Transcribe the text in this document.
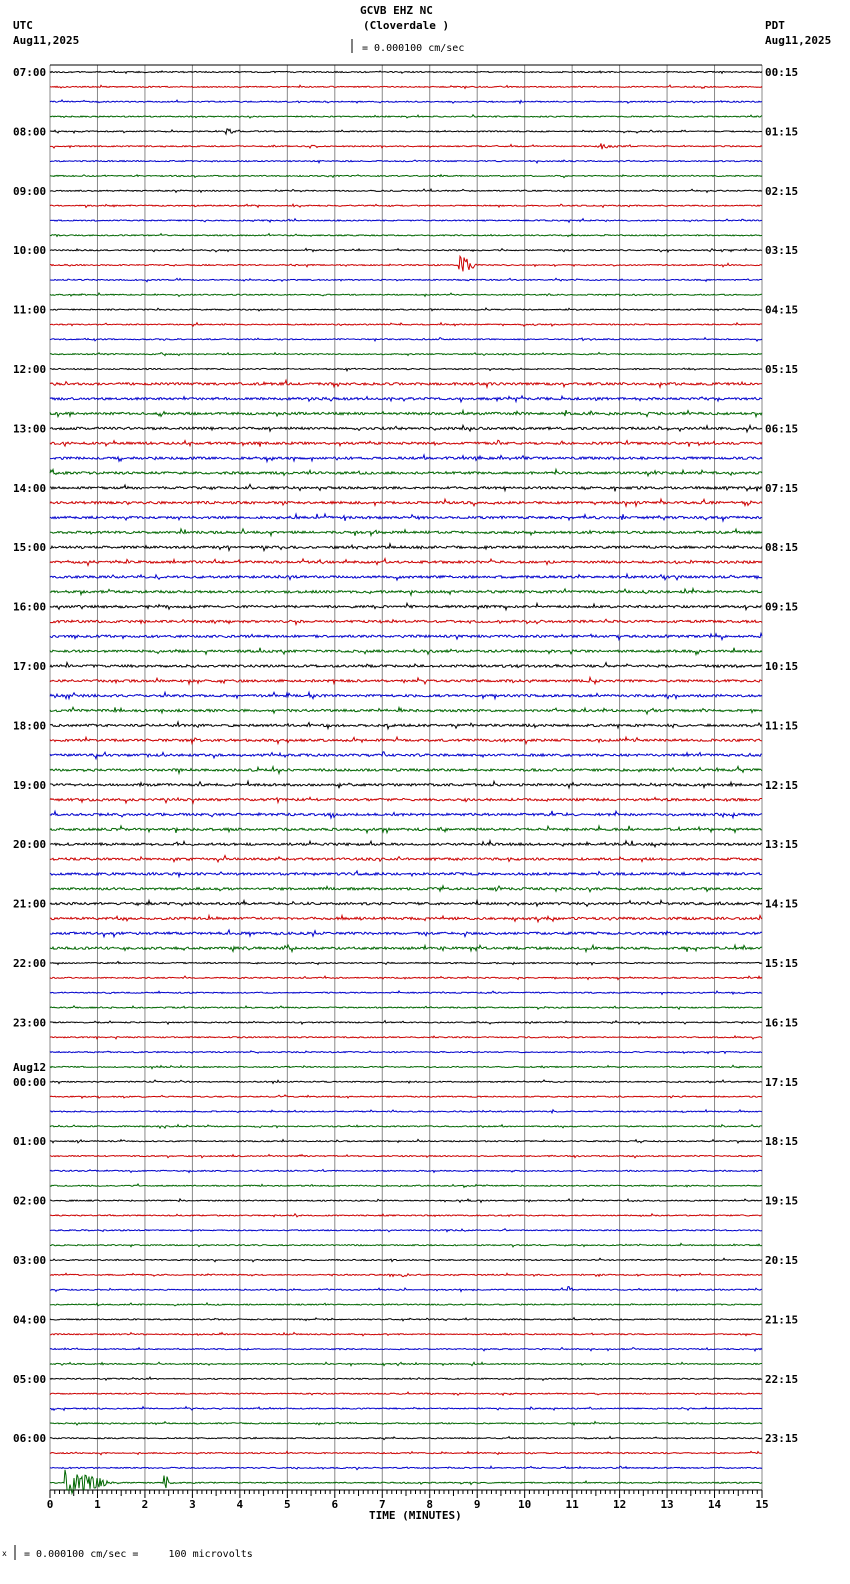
GCVB EHZ NC
(Cloverdale )
UTC
Aug11,2025
PDT
Aug11,2025
= 0.000100 cm/sec
x = 0.000100 cm/sec =     100 microvolts
TIME (MINUTES)
0	1	2	3	4	5	6	7	8	9	10	11	12	13	14	15
07:00
08:00
09:00
10:00
11:00
12:00
13:00
14:00
15:00
16:00
17:00
18:00
19:00
20:00
21:00
22:00
23:00
00:00
01:00
02:00
03:00
04:00
05:00
06:00
Aug12
00:15
01:15
02:15
03:15
04:15
05:15
06:15
07:15
08:15
09:15
10:15
11:15
12:15
13:15
14:15
15:15
16:15
17:15
18:15
19:15
20:15
21:15
22:15
23:15
